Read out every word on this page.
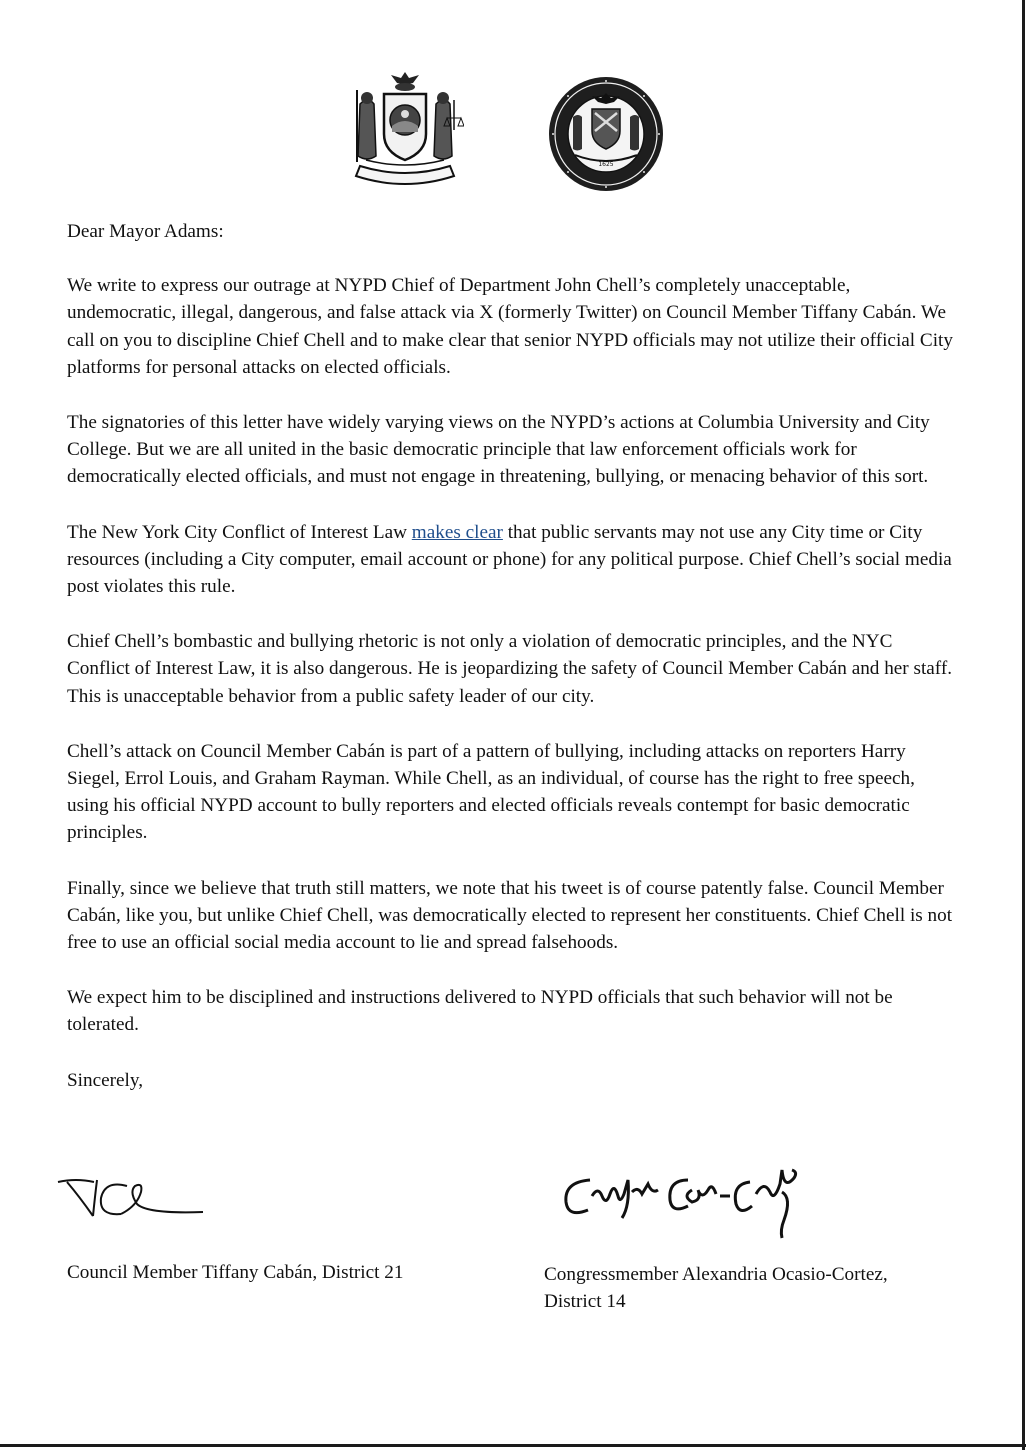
1625

Dear Mayor Adams:

We write to express our outrage at NYPD Chief of Department John Chell’s completely unacceptable, undemocratic, illegal, dangerous, and false attack via X (formerly Twitter) on Council Member Tiffany Cabán. We call on you to discipline Chief Chell and to make clear that senior NYPD officials may not utilize their official City platforms for personal attacks on elected officials.

The signatories of this letter have widely varying views on the NYPD’s actions at Columbia University and City College. But we are all united in the basic democratic principle that law enforcement officials work for democratically elected officials, and must not engage in threatening, bullying, or menacing behavior of this sort.

The New York City Conflict of Interest Law makes clear that public servants may not use any City time or City resources (including a City computer, email account or phone) for any political purpose. Chief Chell’s social media post violates this rule.

Chief Chell’s bombastic and bullying rhetoric is not only a violation of democratic principles, and the NYC Conflict of Interest Law, it is also dangerous. He is jeopardizing the safety of Council Member Cabán and her staff. This is unacceptable behavior from a public safety leader of our city.

Chell’s attack on Council Member Cabán is part of a pattern of bullying, including attacks on reporters Harry Siegel, Errol Louis, and Graham Rayman. While Chell, as an individual, of course has the right to free speech, using his official NYPD account to bully reporters and elected officials reveals contempt for basic democratic principles.

Finally, since we believe that truth still matters, we note that his tweet is of course patently false. Council Member Cabán, like you, but unlike Chief Chell, was democratically elected to represent her constituents. Chief Chell is not free to use an official social media account to lie and spread falsehoods.

We expect him to be disciplined and instructions delivered to NYPD officials that such behavior will not be tolerated.

Sincerely,

Council Member Tiffany Cabán, District 21	Congressmember Alexandria Ocasio-Cortez,
District 14
